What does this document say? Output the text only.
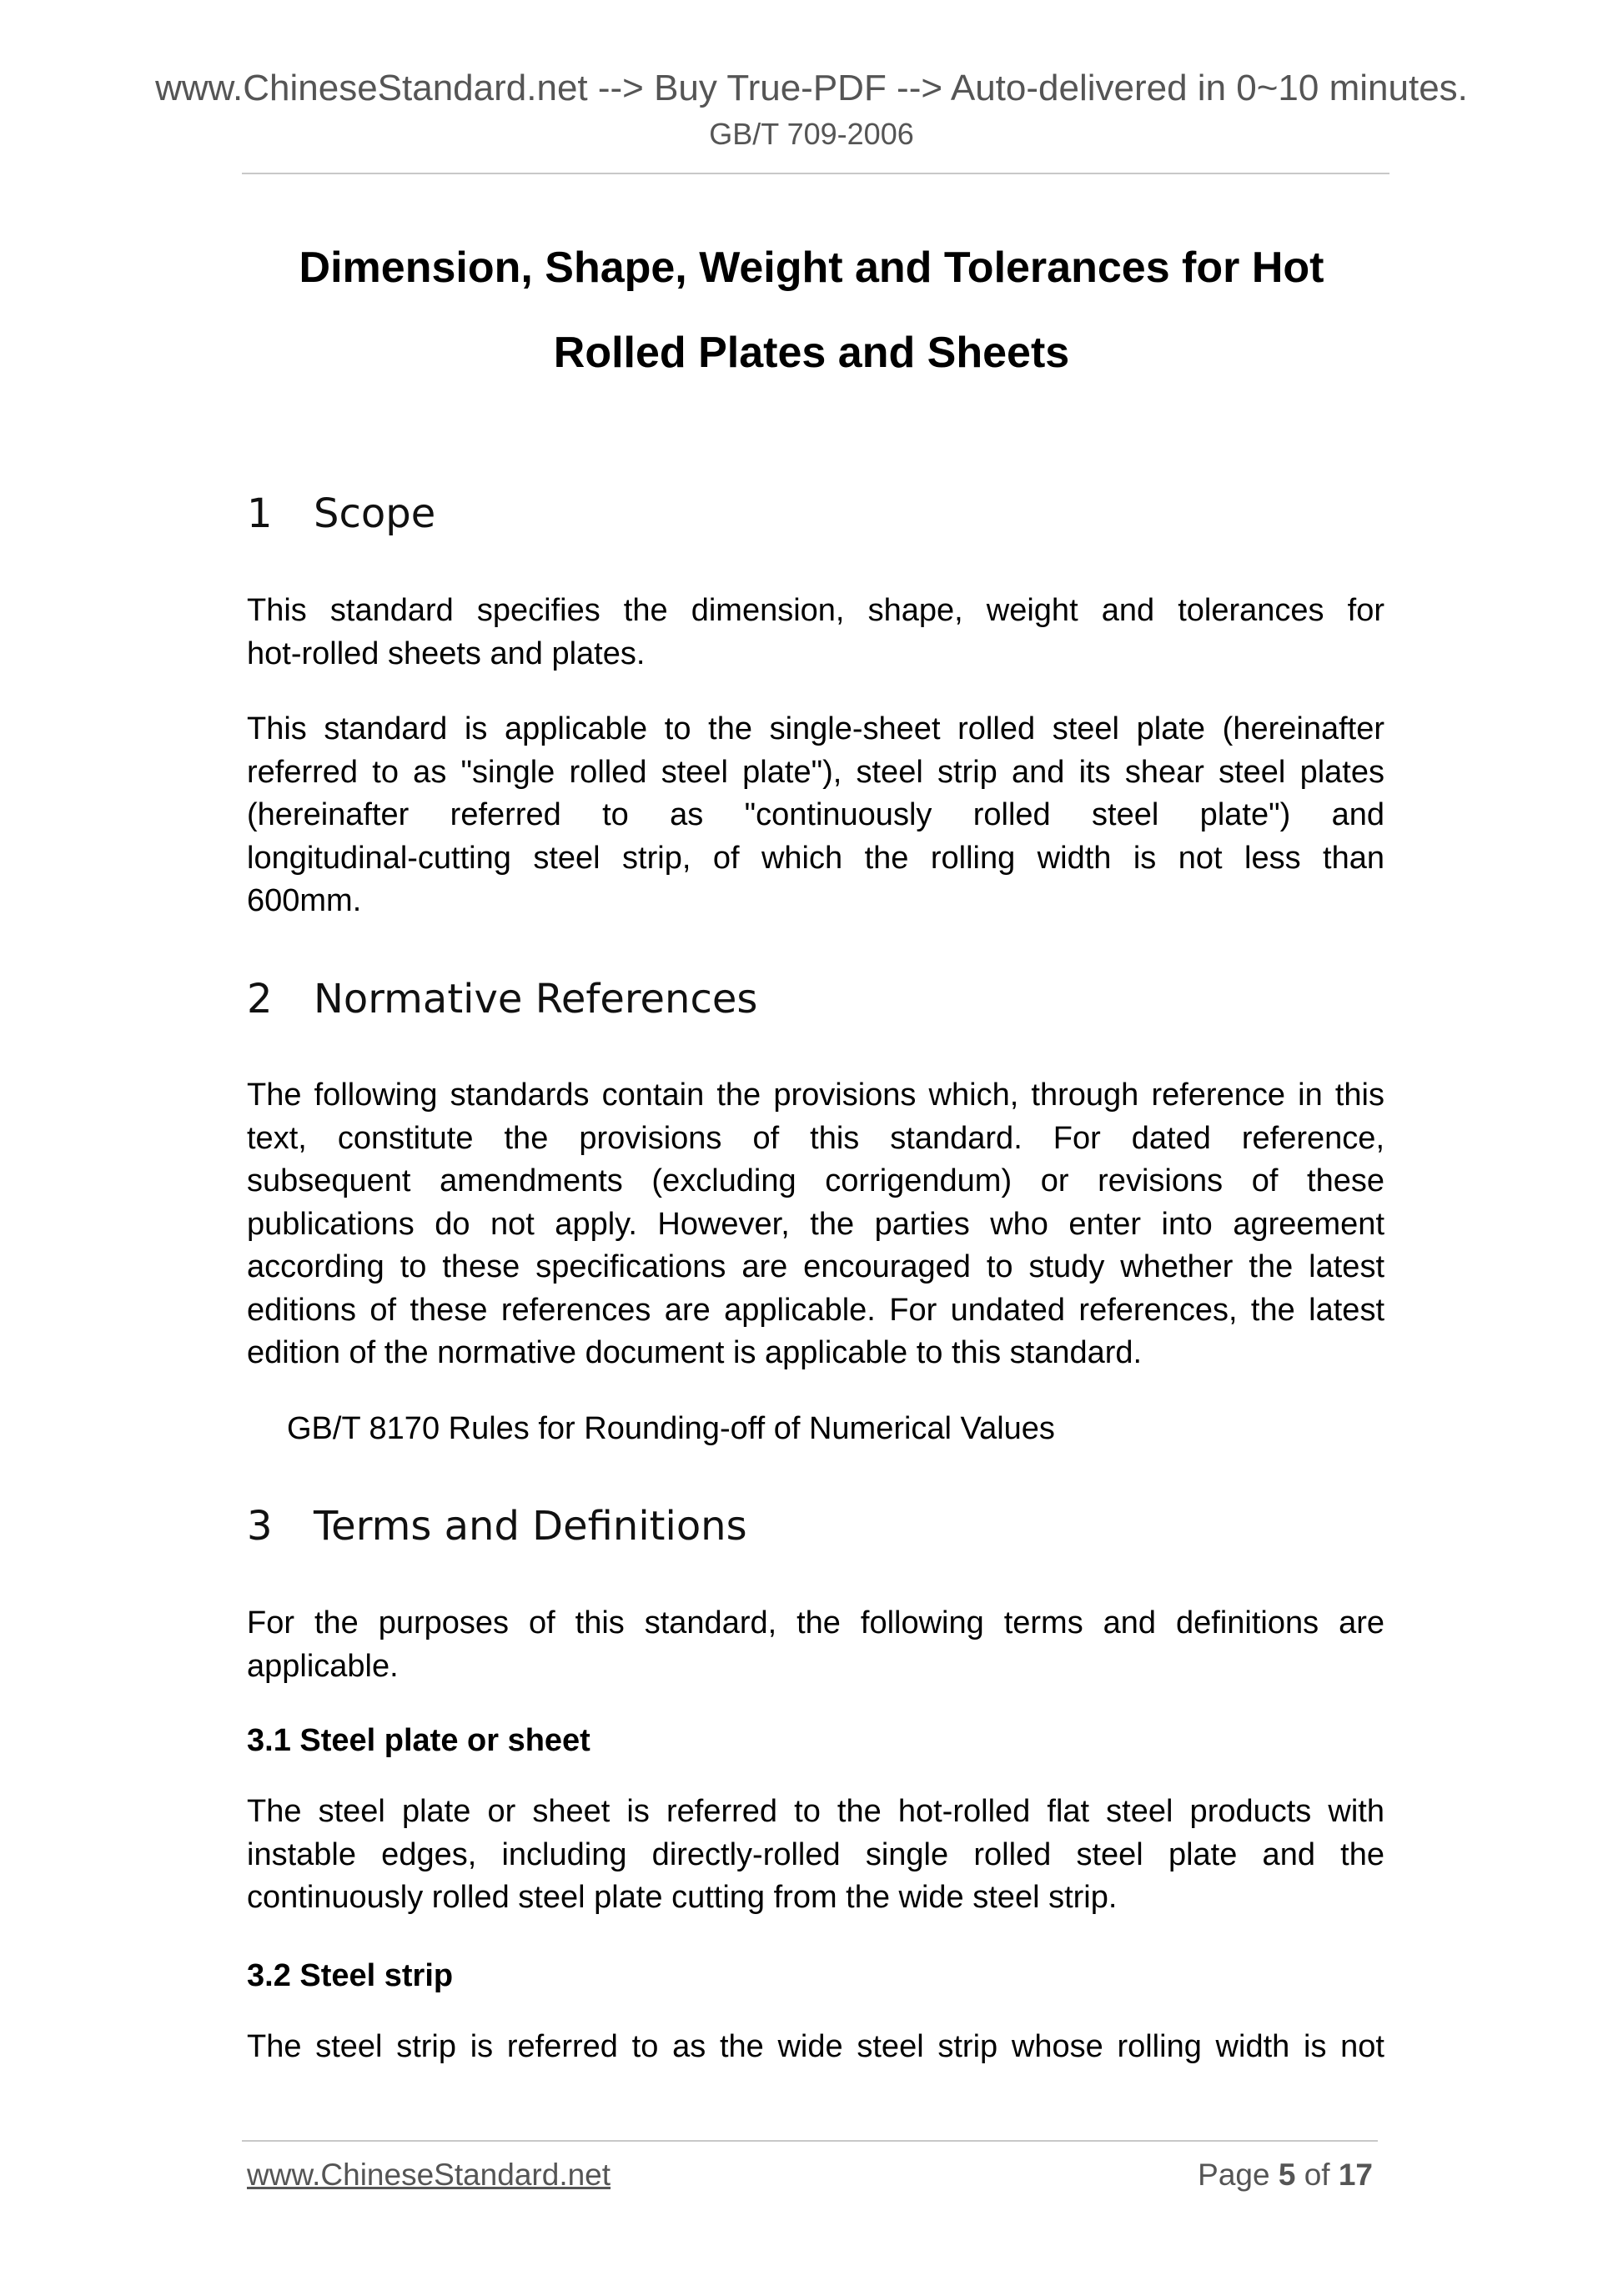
www.ChineseStandard.net --> Buy True-PDF --> Auto-delivered in 0~10 minutes.
GB/T 709-2006
Dimension, Shape, Weight and Tolerances for Hot
Rolled Plates and Sheets
1 Scope
This standard specifies the dimension, shape, weight and tolerances for
hot-rolled sheets and plates.
This standard is applicable to the single-sheet rolled steel plate (hereinafter
referred to as "single rolled steel plate"), steel strip and its shear steel plates
(hereinafter referred to as "continuously rolled steel plate") and
longitudinal-cutting steel strip, of which the rolling width is not less than
600mm.
2 Normative References
The following standards contain the provisions which, through reference in this
text, constitute the provisions of this standard. For dated reference,
subsequent amendments (excluding corrigendum) or revisions of these
publications do not apply. However, the parties who enter into agreement
according to these specifications are encouraged to study whether the latest
editions of these references are applicable. For undated references, the latest
edition of the normative document is applicable to this standard.
GB/T 8170 Rules for Rounding-off of Numerical Values
3 Terms and Definitions
For the purposes of this standard, the following terms and definitions are
applicable.
3.1 Steel plate or sheet
The steel plate or sheet is referred to the hot-rolled flat steel products with
instable edges, including directly-rolled single rolled steel plate and the
continuously rolled steel plate cutting from the wide steel strip.
3.2 Steel strip
The steel strip is referred to as the wide steel strip whose rolling width is not
www.ChineseStandard.net	Page 5 of 17
